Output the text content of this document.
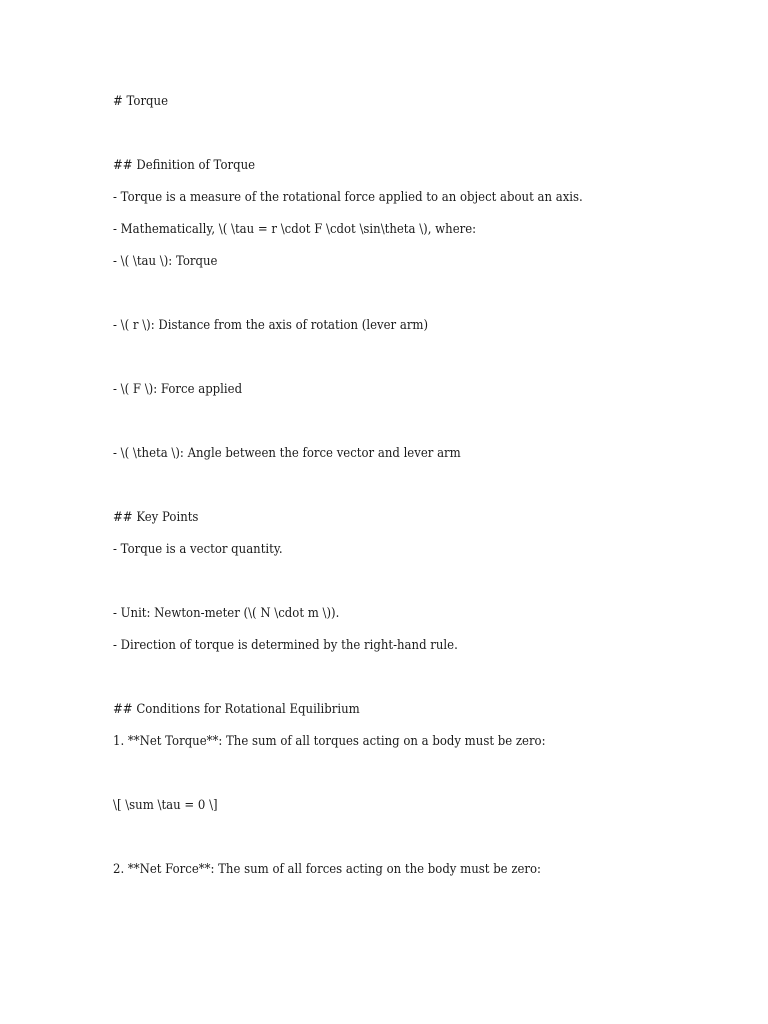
# Torque
## Definition of Torque
- Torque is a measure of the rotational force applied to an object about an axis.
- Mathematically, \( \tau = r \cdot F \cdot \sin\theta \), where:
- \( \tau \): Torque
- \( r \): Distance from the axis of rotation (lever arm)
- \( F \): Force applied
- \( \theta \): Angle between the force vector and lever arm
## Key Points
- Torque is a vector quantity.
- Unit: Newton-meter (\( N \cdot m \)).
- Direction of torque is determined by the right-hand rule.
## Conditions for Rotational Equilibrium
1. **Net Torque**: The sum of all torques acting on a body must be zero:
\[ \sum \tau = 0 \]
2. **Net Force**: The sum of all forces acting on the body must be zero:
